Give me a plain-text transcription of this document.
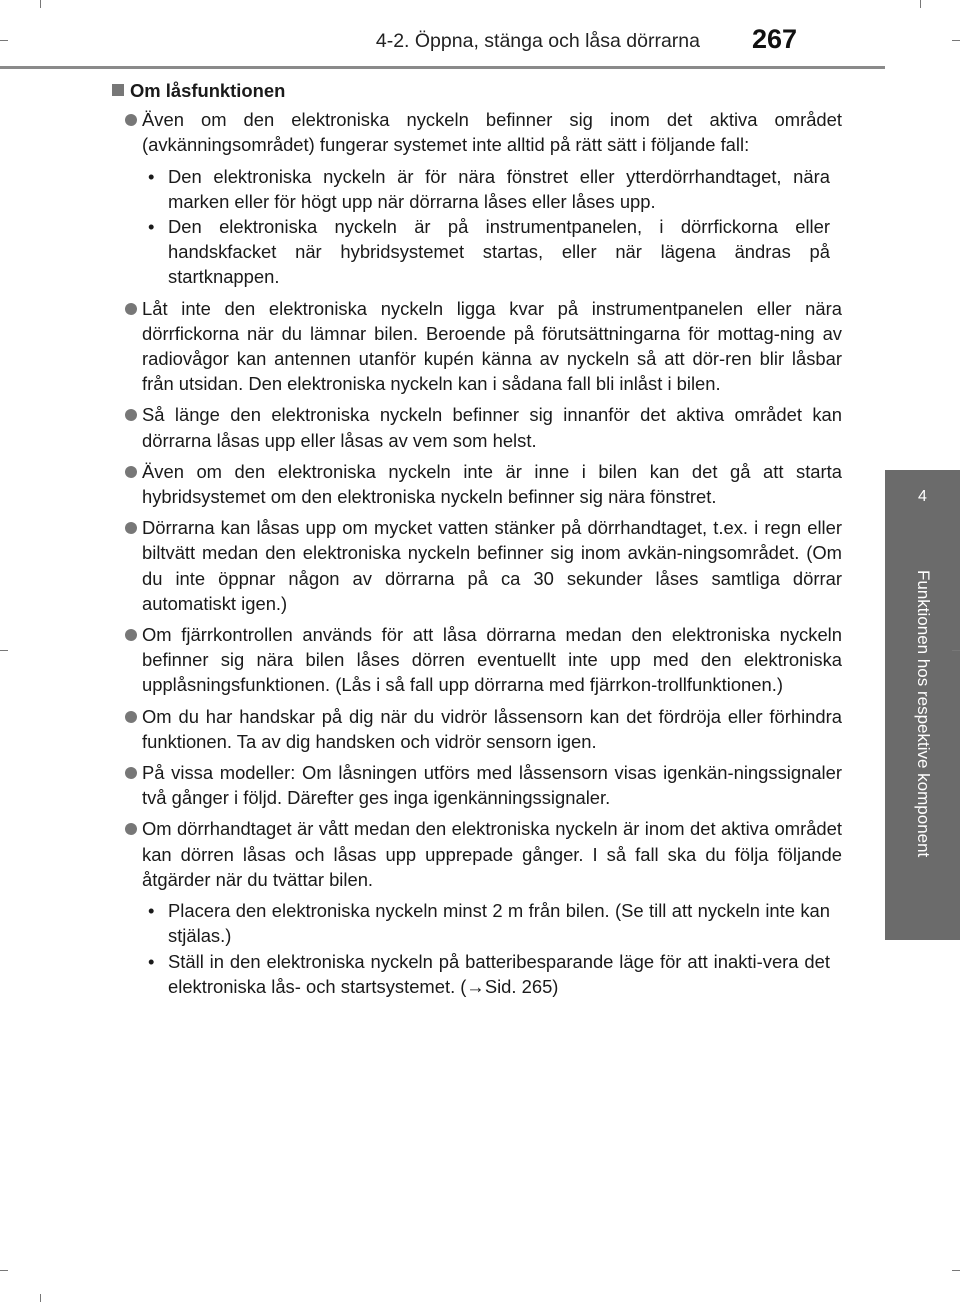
4-2. Öppna, stänga och låsa dörrarna 267
4
Funktionen hos respektive komponent
Om låsfunktionen
Även om den elektroniska nyckeln befinner sig inom det aktiva området (avkänningsområdet) fungerar systemet inte alltid på rätt sätt i följande fall:
• Den elektroniska nyckeln är för nära fönstret eller ytterdörrhandtaget, nära marken eller för högt upp när dörrarna låses eller låses upp.
• Den elektroniska nyckeln är på instrumentpanelen, i dörrfickorna eller handskfacket när hybridsystemet startas, eller när lägena ändras på startknappen.
Låt inte den elektroniska nyckeln ligga kvar på instrumentpanelen eller nära dörrfickorna när du lämnar bilen. Beroende på förutsättningarna för mottag-ning av radiovågor kan antennen utanför kupén känna av nyckeln så att dör-ren blir låsbar från utsidan. Den elektroniska nyckeln kan i sådana fall bli inlåst i bilen.
Så länge den elektroniska nyckeln befinner sig innanför det aktiva området kan dörrarna låsas upp eller låsas av vem som helst.
Även om den elektroniska nyckeln inte är inne i bilen kan det gå att starta hybridsystemet om den elektroniska nyckeln befinner sig nära fönstret.
Dörrarna kan låsas upp om mycket vatten stänker på dörrhandtaget, t.ex. i regn eller biltvätt medan den elektroniska nyckeln befinner sig inom avkän-ningsområdet. (Om du inte öppnar någon av dörrarna på ca 30 sekunder låses samtliga dörrar automatiskt igen.)
Om fjärrkontrollen används för att låsa dörrarna medan den elektroniska nyckeln befinner sig nära bilen låses dörren eventuellt inte upp med den elektroniska upplåsningsfunktionen. (Lås i så fall upp dörrarna med fjärrkon-trollfunktionen.)
Om du har handskar på dig när du vidrör låssensorn kan det fördröja eller förhindra funktionen. Ta av dig handsken och vidrör sensorn igen.
På vissa modeller: Om låsningen utförs med låssensorn visas igenkän-ningssignaler två gånger i följd. Därefter ges inga igenkänningssignaler.
Om dörrhandtaget är vått medan den elektroniska nyckeln är inom det aktiva området kan dörren låsas och låsas upp upprepade gånger. I så fall ska du följa följande åtgärder när du tvättar bilen.
• Placera den elektroniska nyckeln minst 2 m från bilen. (Se till att nyckeln inte kan stjälas.)
• Ställ in den elektroniska nyckeln på batteribesparande läge för att inakti-vera det elektroniska lås- och startsystemet. (→Sid. 265)
